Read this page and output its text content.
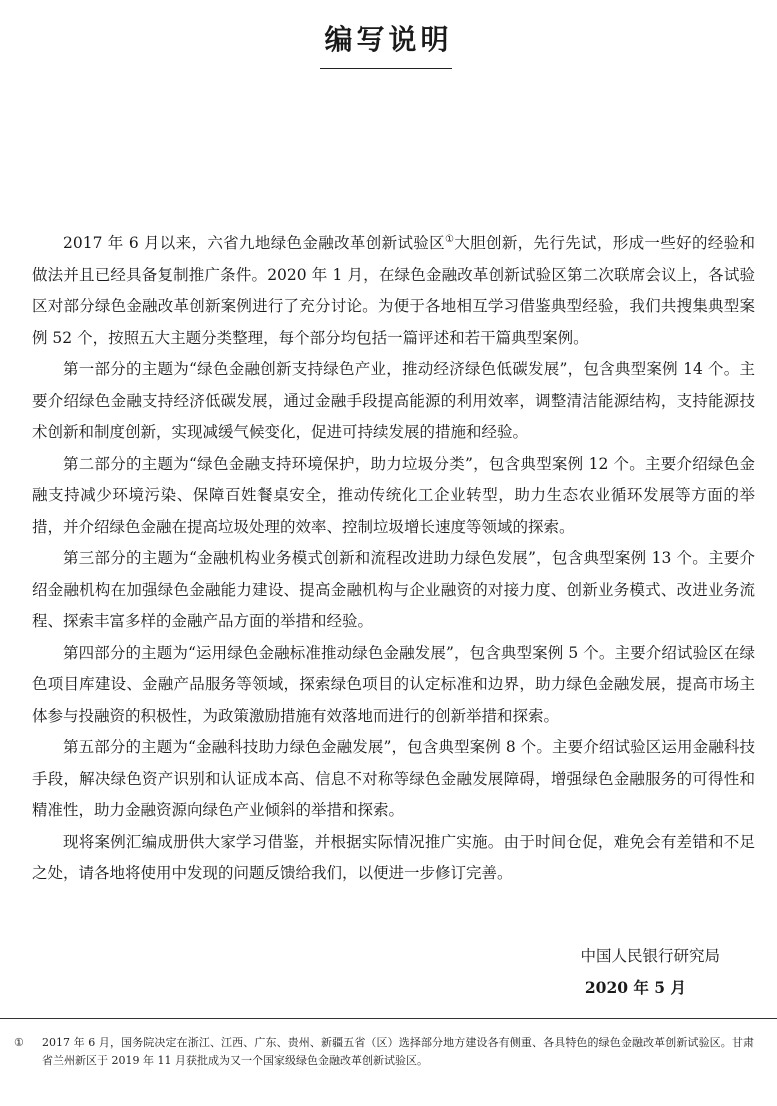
编写说明

2017 年 6 月以来，六省九地绿色金融改革创新试验区①大胆创新，先行先试，形成一些好的经验和做法并且已经具备复制推广条件。2020 年 1 月，在绿色金融改革创新试验区第二次联席会议上，各试验区对部分绿色金融改革创新案例进行了充分讨论。为便于各地相互学习借鉴典型经验，我们共搜集典型案例 52 个，按照五大主题分类整理，每个部分均包括一篇评述和若干篇典型案例。

第一部分的主题为“绿色金融创新支持绿色产业，推动经济绿色低碳发展”，包含典型案例 14 个。主要介绍绿色金融支持经济低碳发展，通过金融手段提高能源的利用效率，调整清洁能源结构，支持能源技术创新和制度创新，实现减缓气候变化，促进可持续发展的措施和经验。

第二部分的主题为“绿色金融支持环境保护，助力垃圾分类”，包含典型案例 12 个。主要介绍绿色金融支持减少环境污染、保障百姓餐桌安全，推动传统化工企业转型，助力生态农业循环发展等方面的举措，并介绍绿色金融在提高垃圾处理的效率、控制垃圾增长速度等领域的探索。

第三部分的主题为“金融机构业务模式创新和流程改进助力绿色发展”，包含典型案例 13 个。主要介绍金融机构在加强绿色金融能力建设、提高金融机构与企业融资的对接力度、创新业务模式、改进业务流程、探索丰富多样的金融产品方面的举措和经验。

第四部分的主题为“运用绿色金融标准推动绿色金融发展”，包含典型案例 5 个。主要介绍试验区在绿色项目库建设、金融产品服务等领域，探索绿色项目的认定标准和边界，助力绿色金融发展，提高市场主体参与投融资的积极性，为政策激励措施有效落地而进行的创新举措和探索。

第五部分的主题为“金融科技助力绿色金融发展”，包含典型案例 8 个。主要介绍试验区运用金融科技手段，解决绿色资产识别和认证成本高、信息不对称等绿色金融发展障碍，增强绿色金融服务的可得性和精准性，助力金融资源向绿色产业倾斜的举措和探索。

现将案例汇编成册供大家学习借鉴，并根据实际情况推广实施。由于时间仓促，难免会有差错和不足之处，请各地将使用中发现的问题反馈给我们，以便进一步修订完善。

中国人民银行研究局
2020 年 5 月
①	2017 年 6 月，国务院决定在浙江、江西、广东、贵州、新疆五省（区）选择部分地方建设各有侧重、各具特色的绿色金融改革创新试验区。甘肃省兰州新区于 2019 年 11 月获批成为又一个国家级绿色金融改革创新试验区。
